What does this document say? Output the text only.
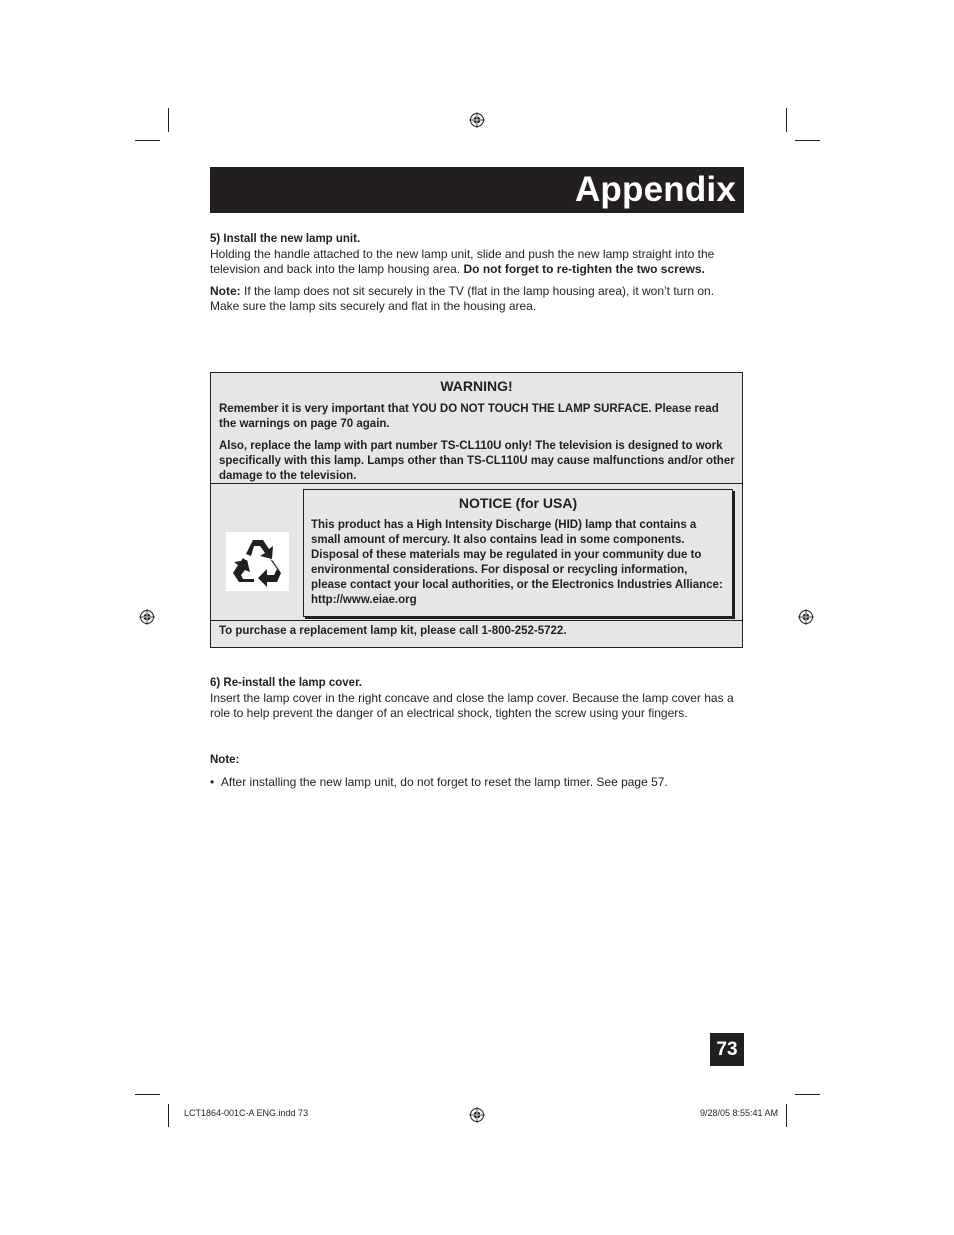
Appendix
5) Install the new lamp unit.
Holding the handle attached to the new lamp unit, slide and push the new lamp straight into the television and back into the lamp housing area. Do not forget to re-tighten the two screws.
Note: If the lamp does not sit securely in the TV (flat in the lamp housing area), it won’t turn on. Make sure the lamp sits securely and flat in the housing area.
WARNING!
Remember it is very important that YOU DO NOT TOUCH THE LAMP SURFACE. Please read the warnings on page 70 again.
Also, replace the lamp with part number TS-CL110U only! The television is designed to work specifically with this lamp. Lamps other than TS-CL110U may cause malfunctions and/or other damage to the television.
NOTICE (for USA)
This product has a High Intensity Discharge (HID) lamp that contains a small amount of mercury. It also contains lead in some components. Disposal of these materials may be regulated in your community due to environmental considerations. For disposal or recycling information, please contact your local authorities, or the Electronics Industries Alliance: http://www.eiae.org
To purchase a replacement lamp kit, please call 1-800-252-5722.
6) Re-install the lamp cover.
Insert the lamp cover in the right concave and close the lamp cover. Because the lamp cover has a role to help prevent the danger of an electrical shock, tighten the screw using your fingers.
Note:
•  After installing the new lamp unit, do not forget to reset the lamp timer. See page 57.
73
LCT1864-001C-A ENG.indd 73	9/28/05 8:55:41 AM
